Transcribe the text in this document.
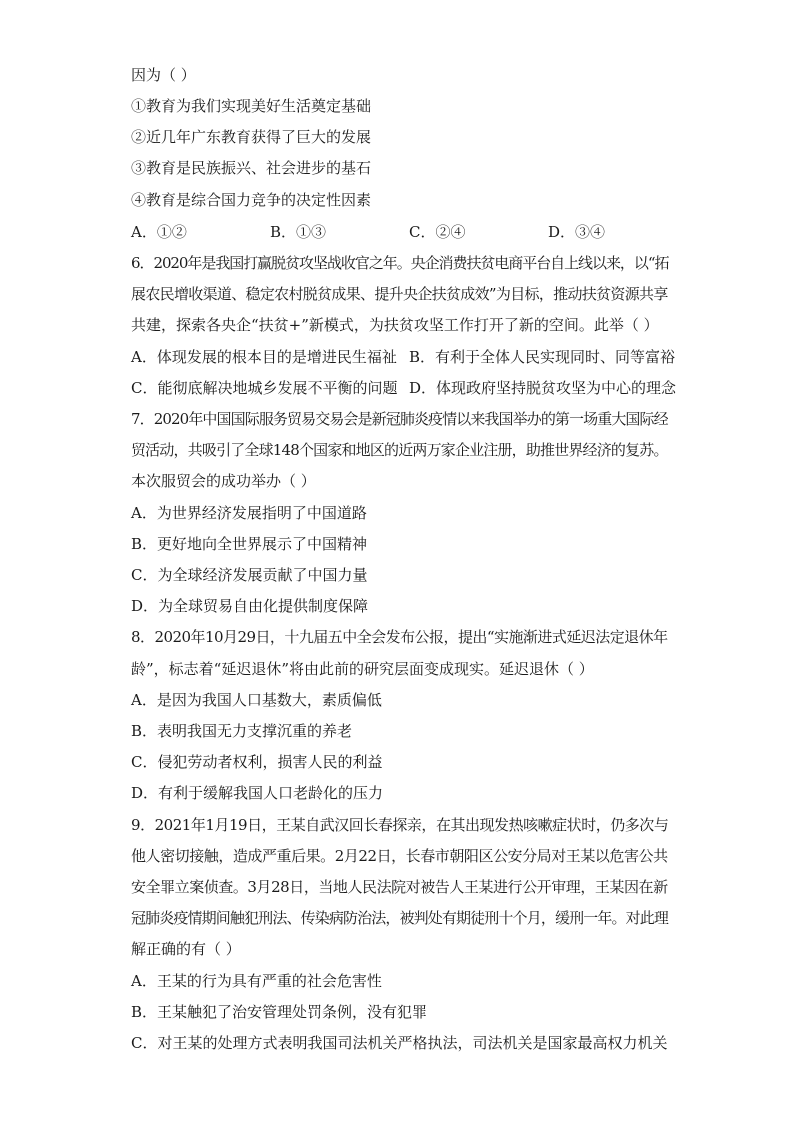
因为（ ）
①教育为我们实现美好生活奠定基础
②近几年广东教育获得了巨大的发展
③教育是民族振兴、社会进步的基石
④教育是综合国力竞争的决定性因素
A．①②	B．①③	C．②④	D．③④
6．2020年是我国打赢脱贫攻坚战收官之年。央企消费扶贫电商平台自上线以来，以“拓
展农民增收渠道、稳定农村脱贫成果、提升央企扶贫成效”为目标，推动扶贫资源共享
共建，探索各央企“扶贫+”新模式，为扶贫攻坚工作打开了新的空间。此举（ ）
A．体现发展的根本目的是增进民生福祉 B．有利于全体人民实现同时、同等富裕
C．能彻底解决地城乡发展不平衡的问题 D．体现政府坚持脱贫攻坚为中心的理念
7．2020年中国国际服务贸易交易会是新冠肺炎疫情以来我国举办的第一场重大国际经
贸活动，共吸引了全球148个国家和地区的近两万家企业注册，助推世界经济的复苏。
本次服贸会的成功举办（ ）
A．为世界经济发展指明了中国道路
B．更好地向全世界展示了中国精神
C．为全球经济发展贡献了中国力量
D．为全球贸易自由化提供制度保障
8．2020年10月29日，十九届五中全会发布公报，提出“实施渐进式延迟法定退休年
龄”，标志着“延迟退休”将由此前的研究层面变成现实。延迟退休（ ）
A．是因为我国人口基数大，素质偏低
B．表明我国无力支撑沉重的养老
C．侵犯劳动者权利，损害人民的利益
D．有利于缓解我国人口老龄化的压力
9．2021年1月19日，王某自武汉回长春探亲，在其出现发热咳嗽症状时，仍多次与
他人密切接触，造成严重后果。2月22日，长春市朝阳区公安分局对王某以危害公共
安全罪立案侦查。3月28日，当地人民法院对被告人王某进行公开审理，王某因在新
冠肺炎疫情期间触犯刑法、传染病防治法，被判处有期徒刑十个月，缓刑一年。对此理
解正确的有（ ）
A．王某的行为具有严重的社会危害性
B．王某触犯了治安管理处罚条例，没有犯罪
C．对王某的处理方式表明我国司法机关严格执法，司法机关是国家最高权力机关
